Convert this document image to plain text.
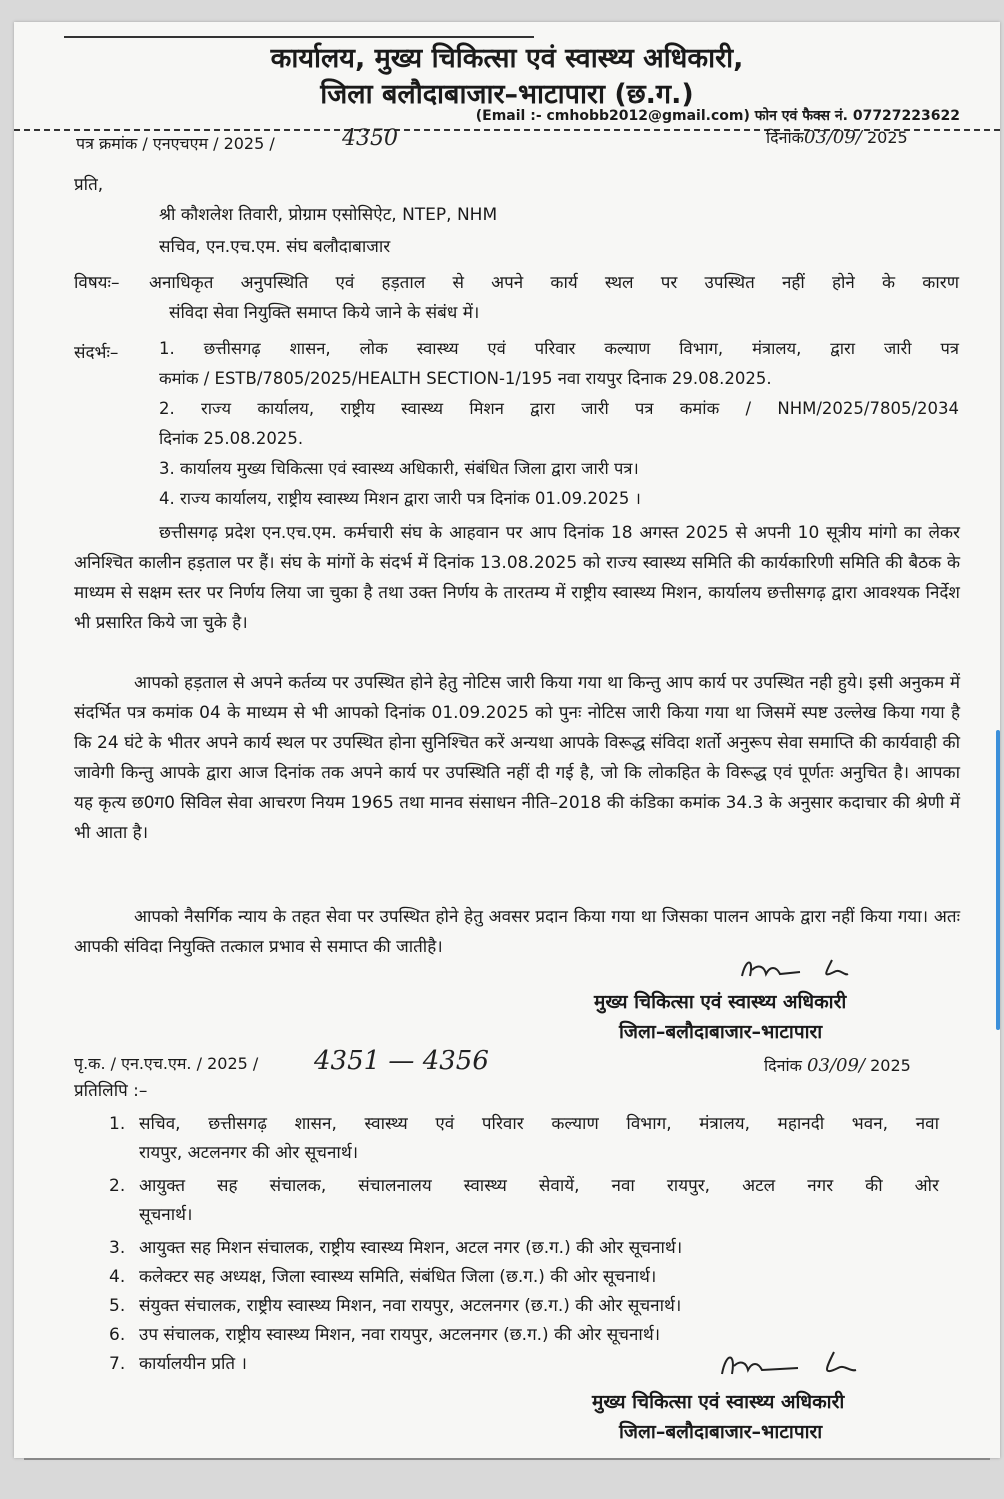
कार्यालय, मुख्य चिकित्सा एवं स्वास्थ्य अधिकारी,
जिला बलौदाबाजार–भाटापारा (छ.ग.)
(Email :- cmhobb2012@gmail.com) फोन एवं फैक्स नं. 07727223622
पत्र क्रमांक / एनएचएम / 2025 /	4350	दिनांक03/09/ 2025
प्रति,
श्री कौशलेश तिवारी, प्रोग्राम एसोसिऐट, NTEP, NHM
सचिव, एन.एच.एम. संघ बलौदाबाजार
विषयः– अनाधिकृत अनुपस्थिति एवं हड़ताल से अपने कार्य स्थल पर उपस्थित नहीं होने के कारण
संविदा सेवा नियुक्ति समाप्त किये जाने के संबंध में।
संदर्भः– 1. छत्तीसगढ़ शासन, लोक स्वास्थ्य एवं परिवार कल्याण विभाग, मंत्रालय, द्वारा जारी पत्र
कमांक / ESTB/7805/2025/HEALTH SECTION-1/195 नवा रायपुर दिनाक 29.08.2025.
2. राज्य कार्यालय, राष्ट्रीय स्वास्थ्य मिशन द्वारा जारी पत्र कमांक / NHM/2025/7805/2034
दिनांक 25.08.2025.
3. कार्यालय मुख्य चिकित्सा एवं स्वास्थ्य अधिकारी, संबंधित जिला द्वारा जारी पत्र।
4. राज्य कार्यालय, राष्ट्रीय स्वास्थ्य मिशन द्वारा जारी पत्र दिनांक 01.09.2025 ।
छत्तीसगढ़ प्रदेश एन.एच.एम. कर्मचारी संघ के आहवान पर आप दिनांक 18 अगस्त 2025 से अपनी 10 सूत्रीय मांगो का लेकर अनिश्चित कालीन हड़ताल पर हैं। संघ के मांगों के संदर्भ में दिनांक 13.08.2025 को राज्य स्वास्थ्य समिति की कार्यकारिणी समिति की बैठक के माध्यम से सक्षम स्तर पर निर्णय लिया जा चुका है तथा उक्त निर्णय के तारतम्य में राष्ट्रीय स्वास्थ्य मिशन, कार्यालय छत्तीसगढ़ द्वारा आवश्यक निर्देश भी प्रसारित किये जा चुके है।
आपको हड़ताल से अपने कर्तव्य पर उपस्थित होने हेतु नोटिस जारी किया गया था किन्तु आप कार्य पर उपस्थित नही हुये। इसी अनुकम में संदर्भित पत्र कमांक 04 के माध्यम से भी आपको दिनांक 01.09.2025 को पुनः नोटिस जारी किया गया था जिसमें स्पष्ट उल्लेख किया गया है कि 24 घंटे के भीतर अपने कार्य स्थल पर उपस्थित होना सुनिश्चित करें अन्यथा आपके विरूद्ध संविदा शर्तो अनुरूप सेवा समाप्ति की कार्यवाही की जावेगी किन्तु आपके द्वारा आज दिनांक तक अपने कार्य पर उपस्थिति नहीं दी गई है, जो कि लोकहित के विरूद्ध एवं पूर्णतः अनुचित है। आपका यह कृत्य छ0ग0 सिविल सेवा आचरण नियम 1965 तथा मानव संसाधन नीति–2018 की कंडिका कमांक 34.3 के अनुसार कदाचार की श्रेणी में भी आता है।
आपको नैसर्गिक न्याय के तहत सेवा पर उपस्थित होने हेतु अवसर प्रदान किया गया था जिसका पालन आपके द्वारा नहीं किया गया। अतः आपकी संविदा नियुक्ति तत्काल प्रभाव से समाप्त की जातीहै।
मुख्य चिकित्सा एवं स्वास्थ्य अधिकारी
जिला–बलौदाबाजार–भाटापारा
पृ.क. / एन.एच.एम. / 2025 / 4351 — 4356	दिनांक 03/09/ 2025
प्रतिलिपि :–
1. सचिव, छत्तीसगढ़ शासन, स्वास्थ्य एवं परिवार कल्याण विभाग, मंत्रालय, महानदी भवन, नवा
रायपुर, अटलनगर की ओर सूचनार्थ।
2. आयुक्त सह संचालक, संचालनालय स्वास्थ्य सेवायें, नवा रायपुर, अटल नगर की ओर
सूचनार्थ।
3. आयुक्त सह मिशन संचालक, राष्ट्रीय स्वास्थ्य मिशन, अटल नगर (छ.ग.) की ओर सूचनार्थ।
4. कलेक्टर सह अध्यक्ष, जिला स्वास्थ्य समिति, संबंधित जिला (छ.ग.) की ओर सूचनार्थ।
5. संयुक्त संचालक, राष्ट्रीय स्वास्थ्य मिशन, नवा रायपुर, अटलनगर (छ.ग.) की ओर सूचनार्थ।
6. उप संचालक, राष्ट्रीय स्वास्थ्य मिशन, नवा रायपुर, अटलनगर (छ.ग.) की ओर सूचनार्थ।
7. कार्यालयीन प्रति ।
मुख्य चिकित्सा एवं स्वास्थ्य अधिकारी
जिला–बलौदाबाजार–भाटापारा
